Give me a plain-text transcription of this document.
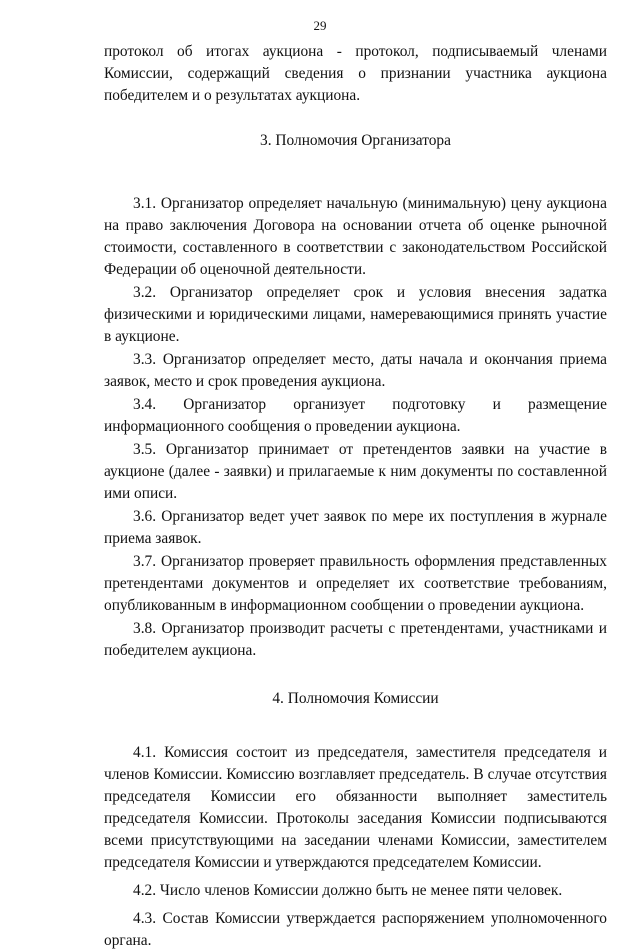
29

протокол об итогах аукциона - протокол, подписываемый членами Комиссии, содержащий сведения о признании участника аукциона победителем и о результатах аукциона.

3. Полномочия Организатора

3.1. Организатор определяет начальную (минимальную) цену аукциона на право заключения Договора на основании отчета об оценке рыночной стоимости, составленного в соответствии с законодательством Российской Федерации об оценочной деятельности.

3.2. Организатор определяет срок и условия внесения задатка физическими и юридическими лицами, намеревающимися принять участие в аукционе.

3.3. Организатор определяет место, даты начала и окончания приема заявок, место и срок проведения аукциона.

3.4. Организатор организует подготовку и размещение информационного сообщения о проведении аукциона.

3.5. Организатор принимает от претендентов заявки на участие в аукционе (далее - заявки) и прилагаемые к ним документы по составленной ими описи.

3.6. Организатор ведет учет заявок по мере их поступления в журнале приема заявок.

3.7. Организатор проверяет правильность оформления представленных претендентами документов и определяет их соответствие требованиям, опубликованным в информационном сообщении о проведении аукциона.

3.8. Организатор производит расчеты с претендентами, участниками и победителем аукциона.

4. Полномочия Комиссии

4.1. Комиссия состоит из председателя, заместителя председателя и членов Комиссии. Комиссию возглавляет председатель. В случае отсутствия председателя Комиссии его обязанности выполняет заместитель председателя Комиссии. Протоколы заседания Комиссии подписываются всеми присутствующими на заседании членами Комиссии, заместителем председателя Комиссии и утверждаются председателем Комиссии.

4.2. Число членов Комиссии должно быть не менее пяти человек.

4.3. Состав Комиссии утверждается распоряжением уполномоченного органа.
